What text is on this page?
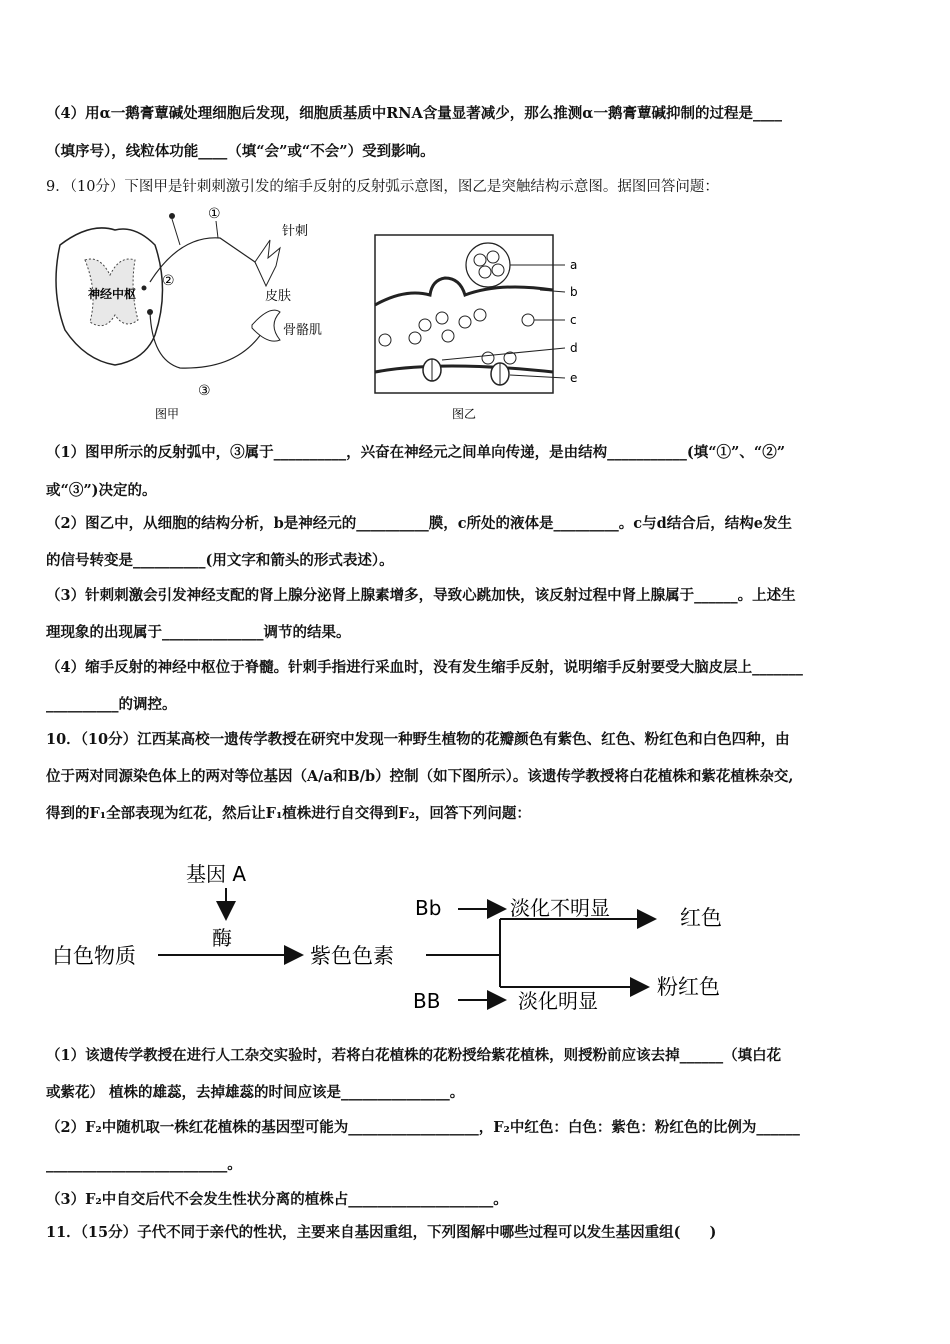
（4）用α一鹅膏蕈碱处理细胞后发现，细胞质基质中RNA含量显著减少，那么推测α一鹅膏蕈碱抑制的过程是____
（填序号），线粒体功能____（填“会”或“不会”）受到影响。
9．（10分）下图甲是针刺刺激引发的缩手反射的反射弧示意图，图乙是突触结构示意图。据图回答问题：
神经中枢
①
②
③
针刺
皮肤
骨骼肌
图甲
a
b
c
d
e
图乙
（1）图甲所示的反射弧中，③属于__________，兴奋在神经元之间单向传递，是由结构___________(填“①”、“②”
或“③”)决定的。
（2）图乙中，从细胞的结构分析，b是神经元的__________膜，c所处的液体是_________。c与d结合后，结构e发生
的信号转变是__________(用文字和箭头的形式表述）。
（3）针刺刺激会引发神经支配的肾上腺分泌肾上腺素增多，导致心跳加快，该反射过程中肾上腺属于______。上述生
理现象的出现属于______________调节的结果。
（4）缩手反射的神经中枢位于脊髓。针刺手指进行采血时，没有发生缩手反射，说明缩手反射要受大脑皮层上_______
__________的调控。
10．（10分）江西某高校一遗传学教授在研究中发现一种野生植物的花瓣颜色有紫色、红色、粉红色和白色四种，由
位于两对同源染色体上的两对等位基因（A/a和B/b）控制（如下图所示）。该遗传学教授将白花植株和紫花植株杂交,
得到的F₁全部表现为红花，然后让F₁植株进行自交得到F₂，回答下列问题：
基因 A
酶
白色物质	紫色色素
Bb	淡化不明显
BB	淡化明显
红色
粉红色
（1）该遗传学教授在进行人工杂交实验时，若将白花植株的花粉授给紫花植株，则授粉前应该去掉______（填白花
或紫花） 植株的雄蕊，去掉雄蕊的时间应该是_______________。
（2）F₂中随机取一株红花植株的基因型可能为__________________，F₂中红色：白色：紫色：粉红色的比例为______
_________________________。
（3）F₂中自交后代不会发生性状分离的植株占____________________。
11．（15分）子代不同于亲代的性状，主要来自基因重组，下列图解中哪些过程可以发生基因重组(　　)
